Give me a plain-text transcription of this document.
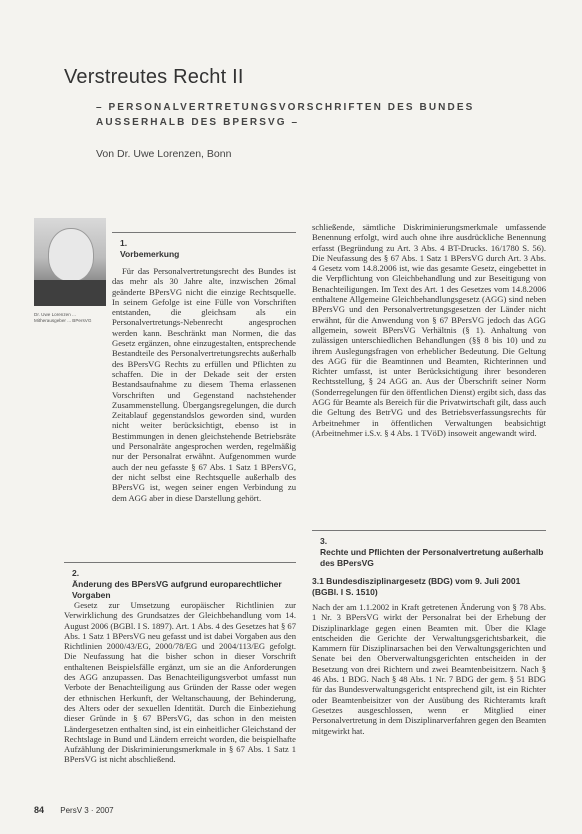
Verstreutes Recht II
– PERSONALVERTRETUNGSVORSCHRIFTEN DES BUNDES AUSSERHALB DES BPERSVG –
Von Dr. Uwe Lorenzen, Bonn
Dr. Uwe Lorenzen ... Mitherausgeber ... BPersVG
1.
Vorbemerkung

Für das Personalvertretungsrecht des Bundes ist das mehr als 30 Jahre alte, inzwischen 26mal geänderte BPersVG nicht die einzige Rechtsquelle. In seinem Gefolge ist eine Fülle von Vorschriften entstanden, die gleichsam als ein Personalvertretungs-Nebenrecht angesprochen werden kann. Beschränkt man Normen, die das Gesetz ergänzen, ohne einzugestalten, entsprechende Bestandteile des Personalvertretungsrechts außerhalb des BPersVG Rechts zu erfüllen und Pflichten zu schaffen. Die in der Dekade seit der ersten Bestandsaufnahme zu diesem Thema erlassenen Vorschriften und Gegenstand nachstehender Zusammenstellung. Übergangsregelungen, die durch Zeitablauf gegenstandslos geworden sind, wurden nicht weiter berücksichtigt, ebenso ist in Bestimmungen in denen gleichstehende Betriebsräte und Personalräte angesprochen werden, regelmäßig nur der Personalrat erwähnt. Aufgenommen wurde auch der neu gefasste § 67 Abs. 1 Satz 1 BPersVG, der nicht selbst eine Rechtsquelle außerhalb des BPersVG ist, wegen seiner engen Verbindung zu dem AGG aber in diese Darstellung gehört.

2.
Änderung des BPersVG aufgrund europarechtlicher Vorgaben

Gesetz zur Umsetzung europäischer Richtlinien zur Verwirklichung des Grundsatzes der Gleichbehandlung vom 14. August 2006 (BGBl. I S. 1897). Art. 1 Abs. 4 des Gesetzes hat § 67 Abs. 1 Satz 1 BPersVG neu gefasst und ist dabei Vorgaben aus den Richtlinien 2000/43/EG, 2000/78/EG und 2004/113/EG gefolgt. Die Neufassung hat die bisher schon in dieser Vorschrift enthaltenen Beispielsfälle ergänzt, um sie an die Anforderungen des AGG anzupassen. Das Benachteiligungsverbot umfasst nun Verbote der Benachteiligung aus Gründen der Rasse oder wegen der ethnischen Herkunft, der Weltanschauung, der Behinderung, des Alters oder der sexuellen Identität. Durch die Einbeziehung dieser Gründe in § 67 BPersVG, das schon in den meisten Ländergesetzen enthalten sind, ist ein einheitlicher Gleichstand der Rechtslage in Bund und Ländern erreicht worden, die beispielhafte Aufzählung der Diskriminierungsmerkmale in § 67 Abs. 1 Satz 1 BPersVG ist nicht abschließend.

schließende, sämtliche Diskriminierungsmerkmale umfassende Benennung erfolgt, wird auch ohne ihre ausdrückliche Benennung erfasst (Begründung zu Art. 3 Abs. 4 BT-Drucks. 16/1780 S. 56). Die Neufassung des § 67 Abs. 1 Satz 1 BPersVG durch Art. 3 Abs. 4 Gesetz vom 14.8.2006 ist, wie das gesamte Gesetz, eingebettet in die Verpflichtung von Gleichbehandlung und zur Beseitigung von Benachteiligungen. Im Text des Art. 1 des Gesetzes vom 14.8.2006 enthaltene Allgemeine Gleichbehandlungsgesetz (AGG) sind neben BPersVG und den Personalvertretungsgesetzen der Länder nicht erwähnt, für die Anwendung von § 67 BPersVG jedoch das AGG allgemein, soweit BPersVG Verhältnis (§ 1). Anhaltung von zulässigen unterschiedlichen Behandlungen (§§ 8 bis 10) und zu ihrem Auslegungsfragen von erheblicher Bedeutung. Die Geltung des AGG für die Beamtinnen und Beamten, Richterinnen und Richter umfasst, ist unter Berücksichtigung ihrer besonderen Rechtsstellung, § 24 AGG an. Aus der Überschrift seiner Norm (Sonderregelungen für den öffentlichen Dienst) ergibt sich, dass das AGG für Beamte als Bereich für die Privatwirtschaft gilt, dass auch die Geltung des BetrVG und des Betriebsverfassungsrechts für Arbeitnehmer in öffentlichen Verwaltungen beabsichtigt (Arbeitnehmer i.S.v. § 4 Abs. 1 TVöD) insoweit angewandt wird.

3.
Rechte und Pflichten der Personalvertretung außerhalb des BPersVG
3.1 Bundesdisziplinargesetz (BDG) vom 9. Juli 2001 (BGBl. I S. 1510)

Nach der am 1.1.2002 in Kraft getretenen Änderung von § 78 Abs. 1 Nr. 3 BPersVG wirkt der Personalrat bei der Erhebung der Disziplinarklage gegen einen Beamten mit. Über die Klage entscheiden die Gerichte der Verwaltungsgerichtsbarkeit, die Kammern für Disziplinarsachen bei den Verwaltungsgerichten und Senate bei den Oberverwaltungsgerichten entscheiden in der Besetzung von drei Richtern und zwei Beamtenbeisitzern. Nach § 46 Abs. 1 BDG. Nach § 48 Abs. 1 Nr. 7 BDG der gem. § 51 BDG für das Bundesverwaltungsgericht entsprechend gilt, ist ein Richter oder Beamtenbeisitzer von der Ausübung des Richteramts kraft Gesetzes ausgeschlossen, wenn er Mitglied einer Personalvertretung in dem Disziplinarverfahren gegen den Beamten mitgewirkt hat.

84 PersV 3 · 2007
